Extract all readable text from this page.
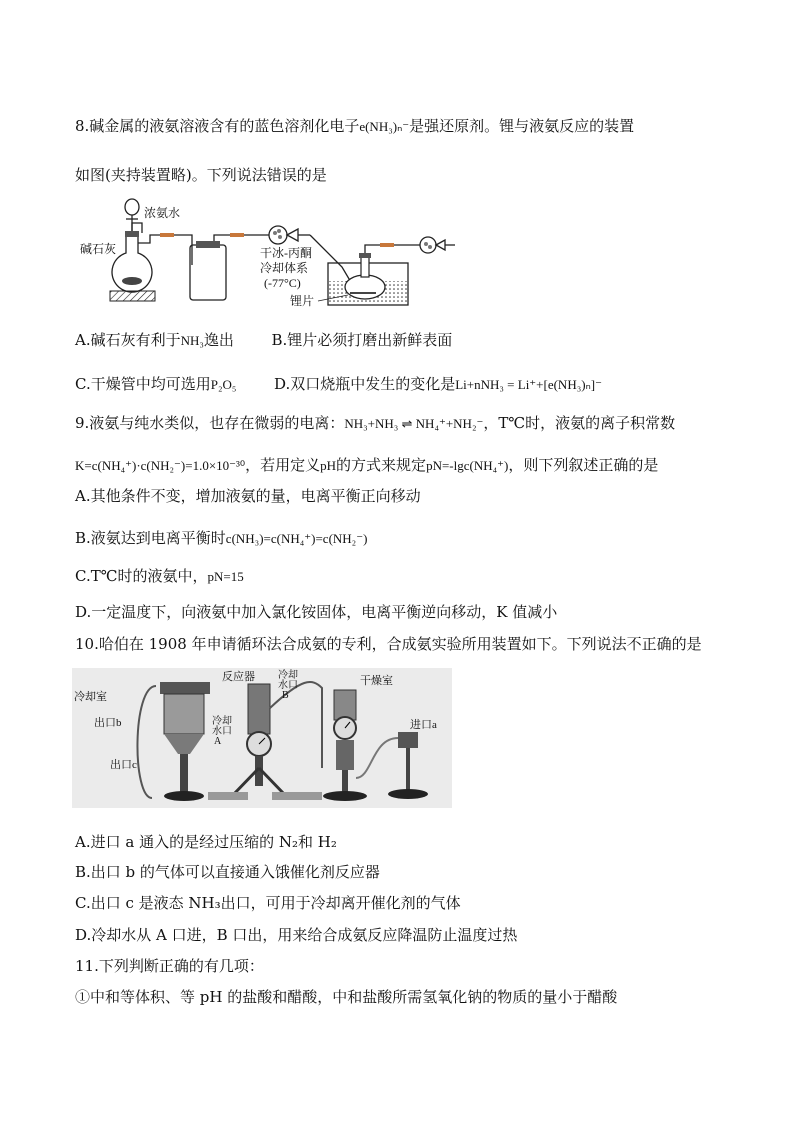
8.碱金属的液氨溶液含有的蓝色溶剂化电子e(NH₃)ₙ⁻是强还原剂。锂与液氨反应的装置
如图(夹持装置略)。下列说法错误的是
浓氨水
碱石灰	干冰-丙酮
冷却体系
(-77°C)
锂片
A.碱石灰有利于NH₃逸出	B.锂片必须打磨出新鲜表面
C.干燥管中均可选用P₂O₅	D.双口烧瓶中发生的变化是Li+nNH₃ = Li⁺+[e(NH₃)ₙ]⁻
9.液氨与纯水类似，也存在微弱的电离：NH₃+NH₃ ⇌ NH₄⁺+NH₂⁻，T℃时，液氨的离子积常数
K=c(NH₄⁺)·c(NH₂⁻)=1.0×10⁻³⁰，若用定义pH的方式来规定pN=-lgc(NH₄⁺)，则下列叙述正确的是
A.其他条件不变，增加液氨的量，电离平衡正向移动
B.液氨达到电离平衡时c(NH₃)=c(NH₄⁺)=c(NH₂⁻)
C.T℃时的液氨中，pN=15
D.一定温度下，向液氨中加入氯化铵固体，电离平衡逆向移动，K 值减小
10.哈伯在 1908 年申请循环法合成氨的专利，合成氨实验所用装置如下。下列说法不正确的是
冷却室
出口b
出口c
反应器
冷却
水口
A
冷却
水口
B
干燥室
进口a
A.进口 a 通入的是经过压缩的 N₂和 H₂
B.出口 b 的气体可以直接通入饿催化剂反应器
C.出口 c 是液态 NH₃出口，可用于冷却离开催化剂的气体
D.冷却水从 A 口进，B 口出，用来给合成氨反应降温防止温度过热
11.下列判断正确的有几项：
①中和等体积、等 pH 的盐酸和醋酸，中和盐酸所需氢氧化钠的物质的量小于醋酸
